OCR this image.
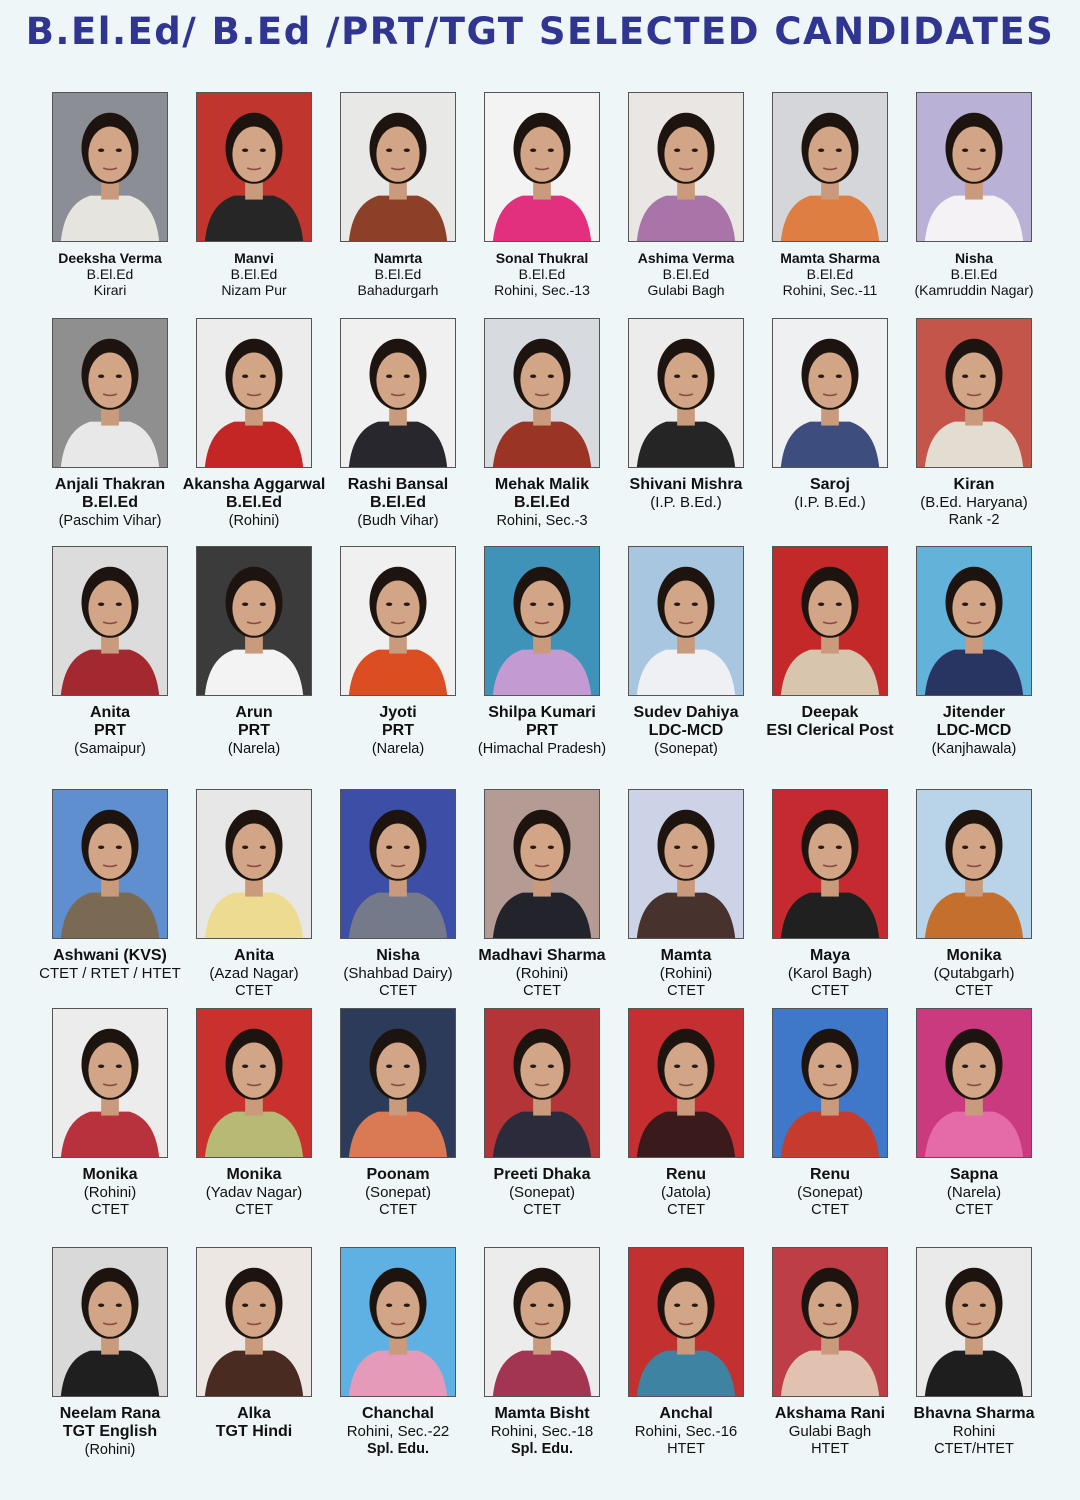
B.El.Ed/ B.Ed /PRT/TGT SELECTED CANDIDATES
Deeksha Verma
B.El.Ed
Kirari
Manvi
B.El.Ed
Nizam Pur
Namrta
B.El.Ed
Bahadurgarh
Sonal Thukral
B.El.Ed
Rohini, Sec.-13
Ashima Verma
B.El.Ed
Gulabi Bagh
Mamta Sharma
B.El.Ed
Rohini, Sec.-11
Nisha
B.El.Ed
(Kamruddin Nagar)
Anjali Thakran
B.El.Ed
(Paschim Vihar)
Akansha Aggarwal
B.El.Ed
(Rohini)
Rashi Bansal
B.El.Ed
(Budh Vihar)
Mehak Malik
B.El.Ed
Rohini, Sec.-3
Shivani Mishra
(I.P. B.Ed.)
Saroj
(I.P. B.Ed.)
Kiran
(B.Ed. Haryana)
Rank -2
Anita
PRT
(Samaipur)
Arun
PRT
(Narela)
Jyoti
PRT
(Narela)
Shilpa Kumari
PRT
(Himachal Pradesh)
Sudev Dahiya
LDC-MCD
(Sonepat)
Deepak
ESI Clerical Post
Jitender
LDC-MCD
(Kanjhawala)
Ashwani (KVS)
CTET / RTET / HTET
Anita
(Azad Nagar)
CTET
Nisha
(Shahbad Dairy)
CTET
Madhavi Sharma
(Rohini)
CTET
Mamta
(Rohini)
CTET
Maya
(Karol Bagh)
CTET
Monika
(Qutabgarh)
CTET
Monika
(Rohini)
CTET
Monika
(Yadav Nagar)
CTET
Poonam
(Sonepat)
CTET
Preeti Dhaka
(Sonepat)
CTET
Renu
(Jatola)
CTET
Renu
(Sonepat)
CTET
Sapna
(Narela)
CTET
Neelam Rana
TGT English
(Rohini)
Alka
TGT Hindi
Chanchal
Rohini, Sec.-22
Spl. Edu.
Mamta Bisht
Rohini, Sec.-18
Spl. Edu.
Anchal
Rohini, Sec.-16
HTET
Akshama Rani
Gulabi Bagh
HTET
Bhavna Sharma
Rohini
CTET/HTET
